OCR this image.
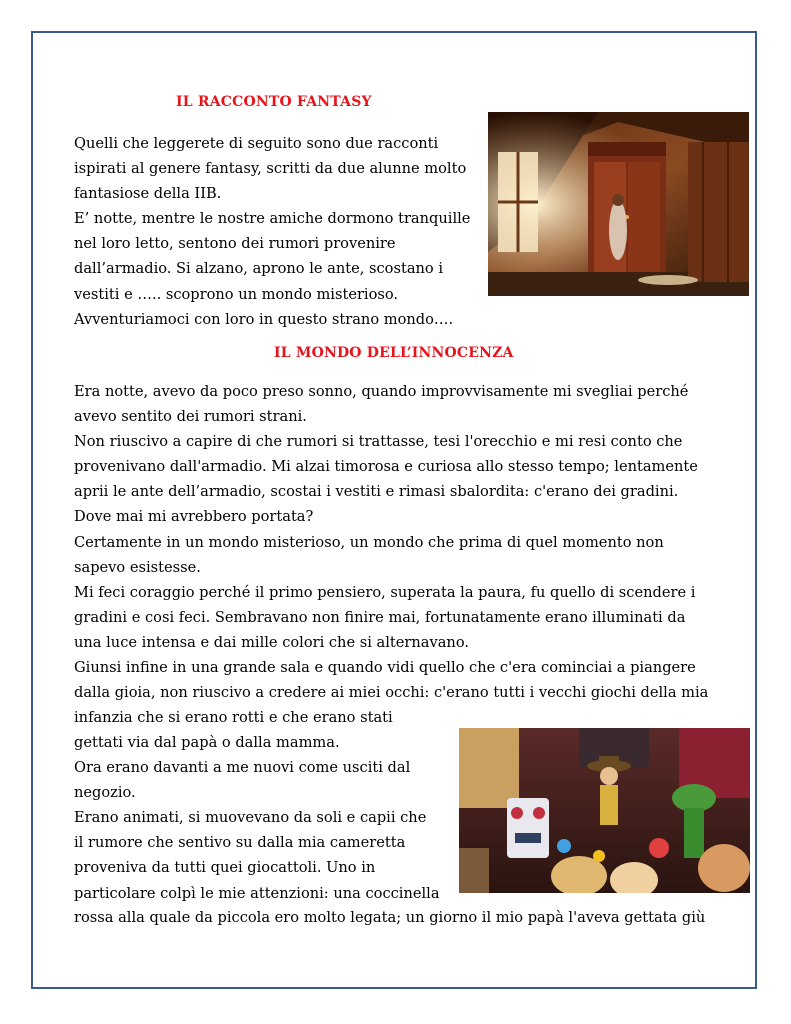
IL RACCONTO FANTASY
Quelli che leggerete di seguito sono due racconti
ispirati al genere fantasy, scritti da due alunne molto
fantasiose della IIB.
E’ notte, mentre le nostre amiche dormono tranquille
nel loro letto, sentono dei rumori provenire
dall’armadio. Si alzano, aprono le ante, scostano i
vestiti e ….. scoprono un mondo misterioso.
Avventuriamoci con loro in questo strano mondo….
IL MONDO DELL’INNOCENZA
Era notte, avevo da poco preso sonno, quando improvvisamente mi svegliai perché
avevo sentito dei rumori strani.
Non riuscivo a capire di che rumori si trattasse, tesi l'orecchio e mi resi conto che
provenivano dall'armadio. Mi alzai timorosa e curiosa allo stesso tempo; lentamente
aprii le ante dell’armadio, scostai i vestiti e rimasi sbalordita: c'erano dei gradini.
Dove mai mi avrebbero portata?
Certamente in un mondo misterioso, un mondo che prima di quel momento non
sapevo esistesse.
Mi feci coraggio perché il primo pensiero, superata la paura, fu quello di scendere i
gradini e cosi feci. Sembravano non finire mai, fortunatamente erano illuminati da
una luce intensa e dai mille colori che si alternavano.
Giunsi infine in una grande sala e quando vidi quello che c'era cominciai a piangere
dalla gioia, non riuscivo a credere ai miei occhi: c'erano tutti i vecchi giochi della mia
infanzia che si erano rotti e che erano stati
gettati via dal papà o dalla mamma.
Ora erano davanti a me nuovi come usciti dal
negozio.
Erano animati, si muovevano da soli e capii che
il rumore che sentivo su dalla mia cameretta
proveniva da tutti quei giocattoli. Uno in
particolare colpì le mie attenzioni: una coccinella
rossa alla quale da piccola ero molto legata; un giorno il mio papà l'aveva gettata giù
